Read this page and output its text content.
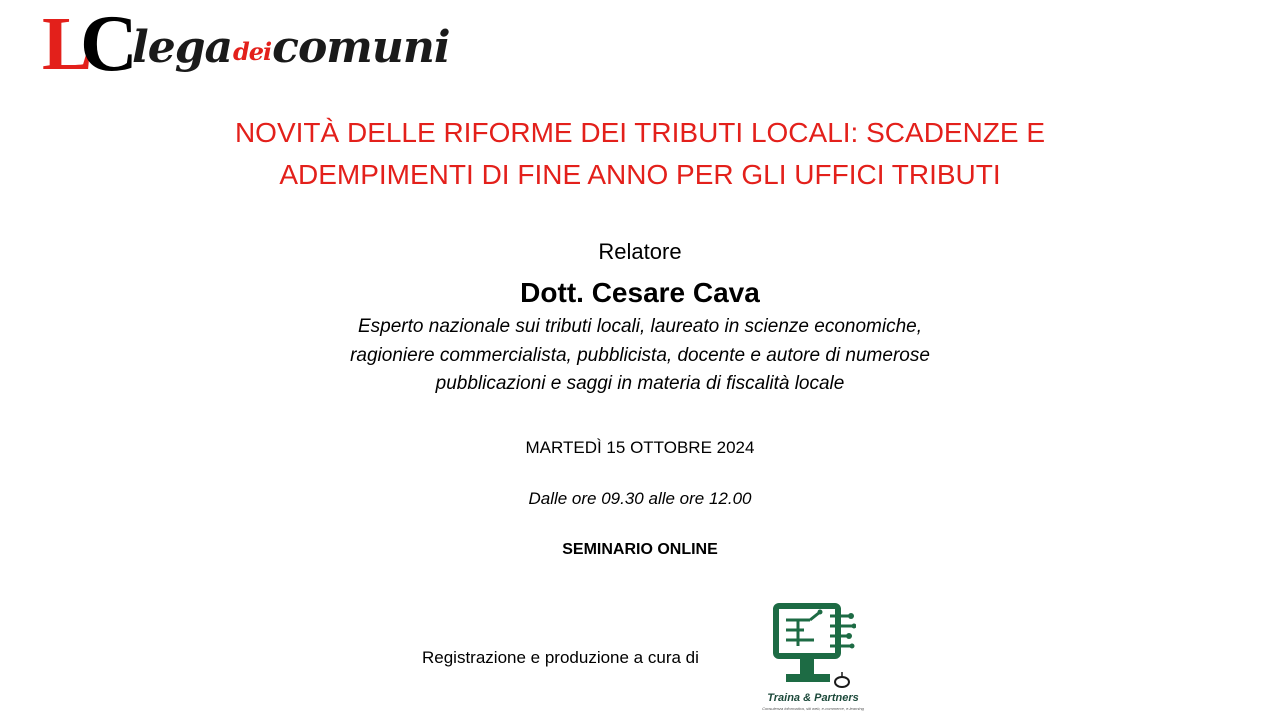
L
C
legadeicomuni
NOVITÀ DELLE RIFORME DEI TRIBUTI LOCALI: SCADENZE E
ADEMPIMENTI DI FINE ANNO PER GLI UFFICI TRIBUTI
Relatore
Dott. Cesare Cava
Esperto nazionale sui tributi locali, laureato in scienze economiche,
ragioniere commercialista, pubblicista, docente e autore di numerose
pubblicazioni e saggi in materia di fiscalità locale
MARTEDÌ 15 OTTOBRE 2024
Dalle ore 09.30 alle ore 12.00
SEMINARIO ONLINE
Registrazione e produzione a cura di
Traina & Partners
Consulenza informatica, siti web, e-commerce, e-learning
